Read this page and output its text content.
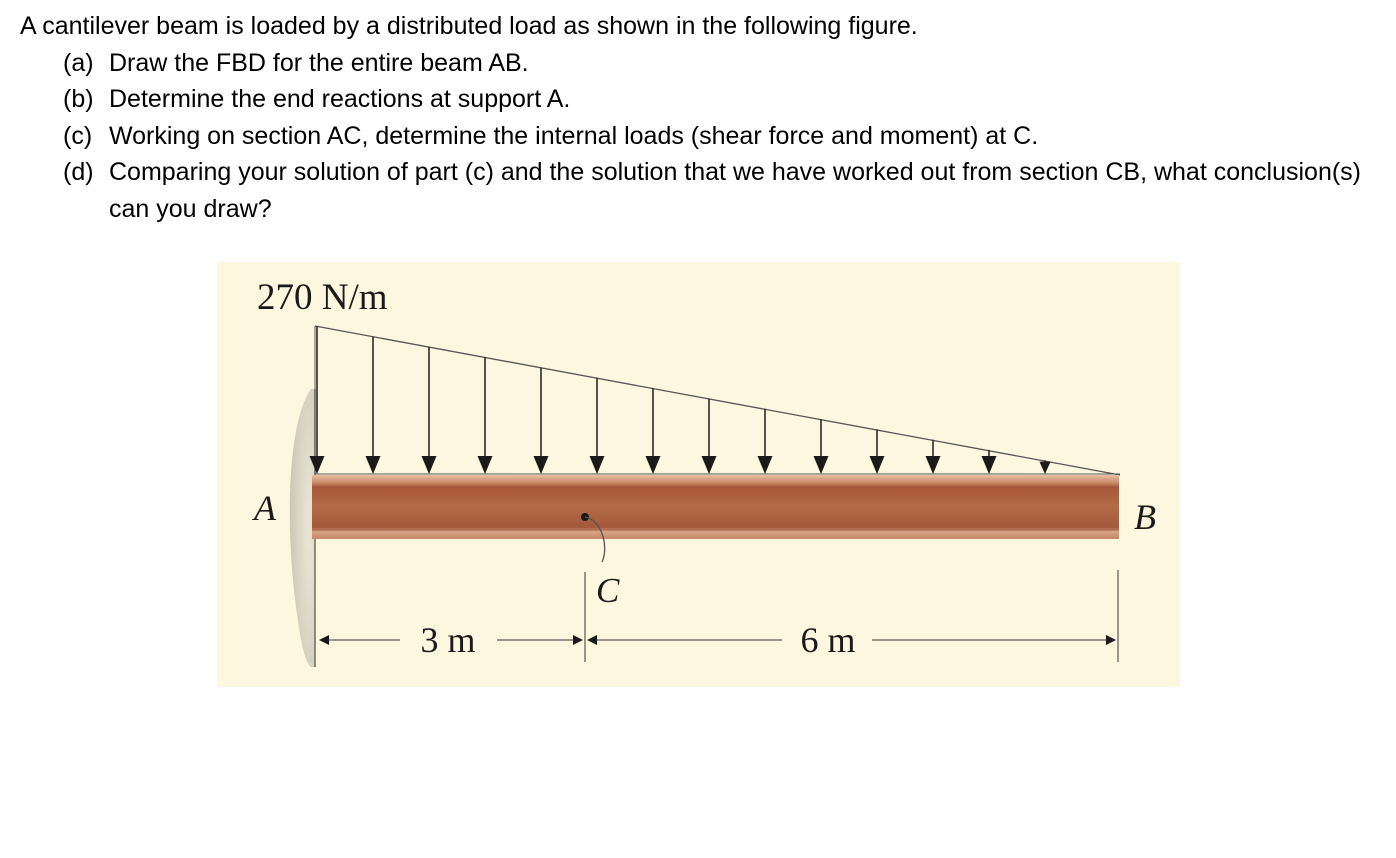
A cantilever beam is loaded by a distributed load as shown in the following figure.

(a) Draw the FBD for the entire beam AB.
(b) Determine the end reactions at support A.
(c) Working on section AC, determine the internal loads (shear force and moment) at C.
(d) Comparing your solution of part (c) and the solution that we have worked out from section CB, what conclusion(s) can you draw?
270 N/m
A	B
C
3 m	6 m
